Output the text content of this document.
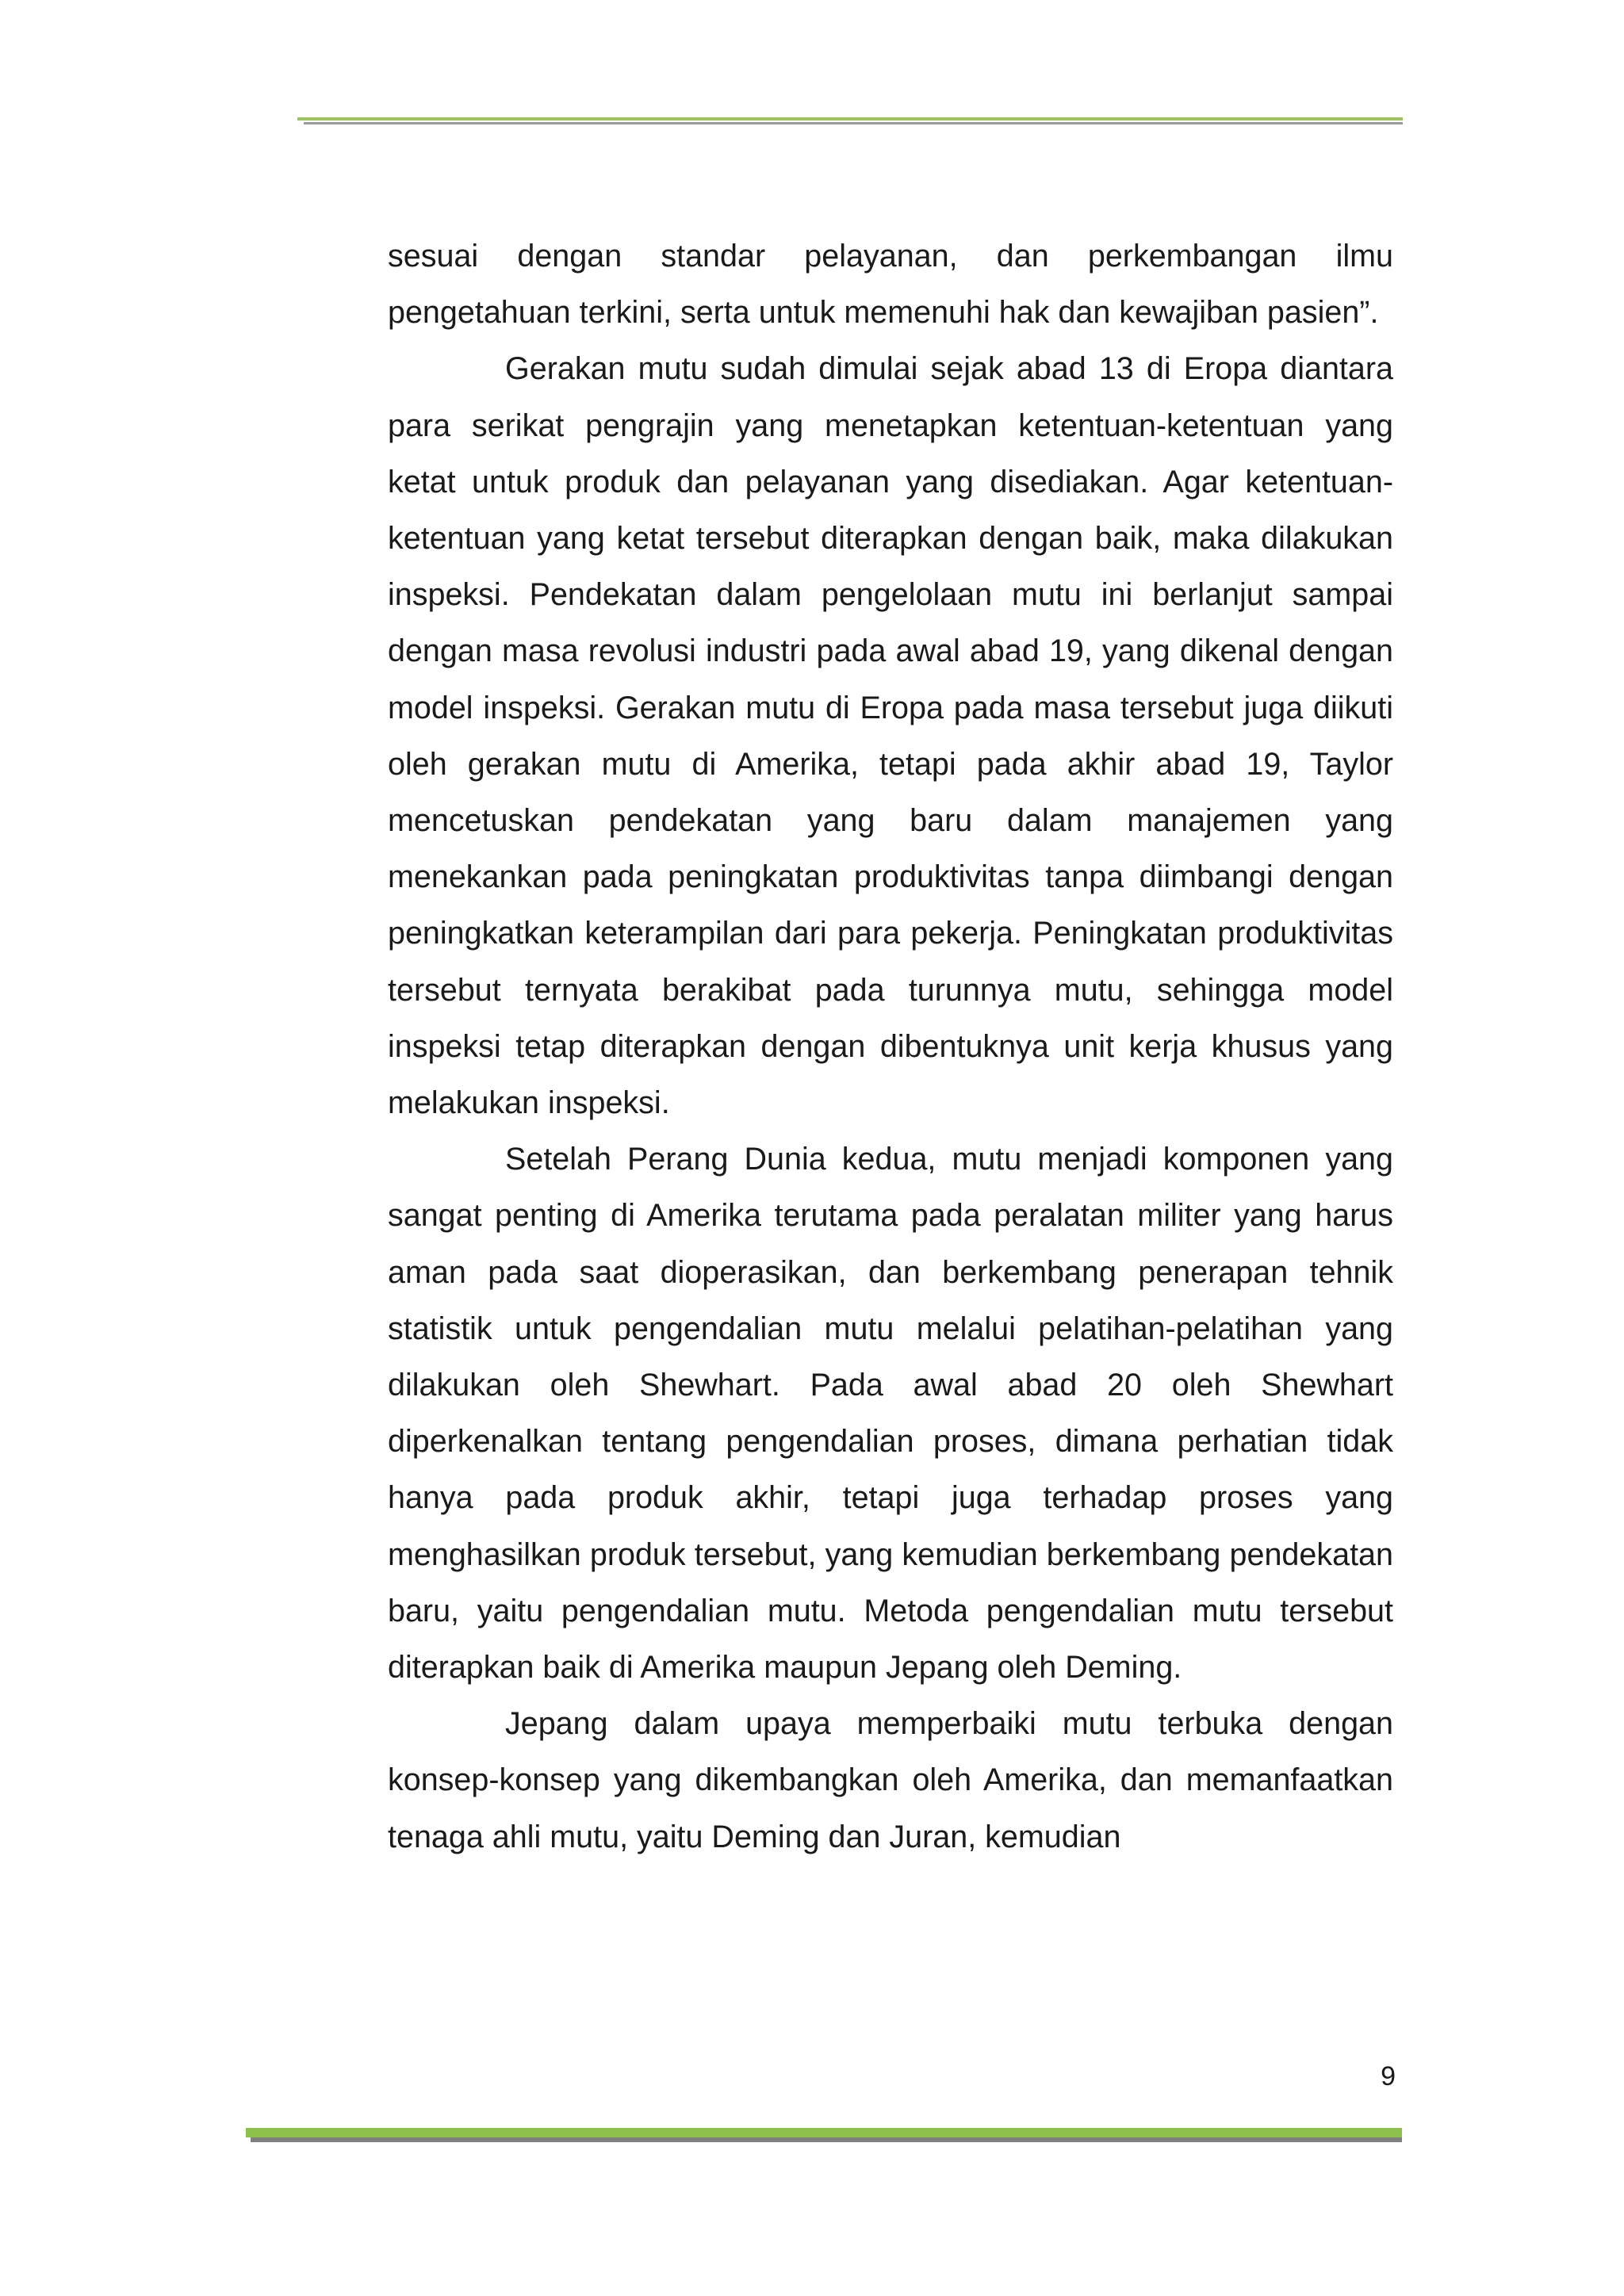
sesuai dengan standar pelayanan, dan perkembangan ilmu pengetahuan terkini, serta untuk memenuhi hak dan kewajiban pasien”.

Gerakan mutu sudah dimulai sejak abad 13 di Eropa diantara para serikat pengrajin yang menetapkan ketentuan-ketentuan yang ketat untuk produk dan pelayanan yang disediakan. Agar ketentuan-ketentuan yang ketat tersebut diterapkan dengan baik, maka dilakukan inspeksi. Pendekatan dalam pengelolaan mutu ini berlanjut sampai dengan masa revolusi industri pada awal abad 19, yang dikenal dengan model inspeksi. Gerakan mutu di Eropa pada masa tersebut juga diikuti oleh gerakan mutu di Amerika, tetapi pada akhir abad 19, Taylor mencetuskan pendekatan yang baru dalam manajemen yang menekankan pada peningkatan produktivitas tanpa diimbangi dengan peningkatkan keterampilan dari para pekerja. Peningkatan produktivitas tersebut ternyata berakibat pada turunnya mutu, sehingga model inspeksi tetap diterapkan dengan dibentuknya unit kerja khusus yang melakukan inspeksi.

Setelah Perang Dunia kedua, mutu menjadi komponen yang sangat penting di Amerika terutama pada peralatan militer yang harus aman pada saat dioperasikan, dan berkembang penerapan tehnik statistik untuk pengendalian mutu melalui pelatihan-pelatihan yang dilakukan oleh Shewhart. Pada awal abad 20 oleh Shewhart diperkenalkan tentang pengendalian proses, dimana perhatian tidak hanya pada produk akhir, tetapi juga terhadap proses yang menghasilkan produk tersebut, yang kemudian berkembang pendekatan baru, yaitu pengendalian mutu. Metoda pengendalian mutu tersebut diterapkan baik di Amerika maupun Jepang oleh Deming.

Jepang dalam upaya memperbaiki mutu terbuka dengan konsep-konsep yang dikembangkan oleh Amerika, dan memanfaatkan tenaga ahli mutu, yaitu Deming dan Juran, kemudian

9
